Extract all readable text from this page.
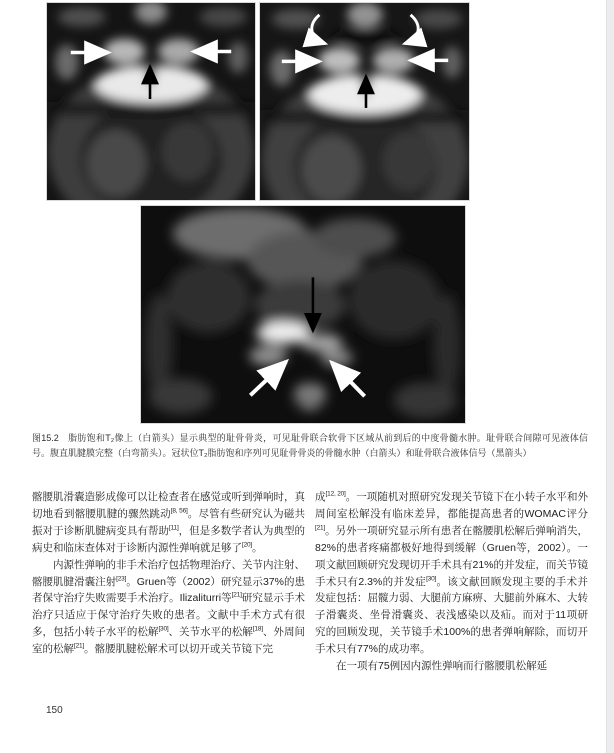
图15.2 脂肪饱和T₂像上（白箭头）显示典型的耻骨骨炎，可见耻骨联合软骨下区域从前到后的中度骨髓水肿。耻骨联合间隙可见液体信号。腹直肌腱膜完整（白弯箭头）。冠状位T₂脂肪饱和序列可见耻骨骨炎的骨髓水肿（白箭头）和耻骨联合液体信号（黑箭头）

髂腰肌滑囊造影成像可以让检查者在感觉或听到弹响时，真切地看到髂腰肌腱的骤然跳动[8, 56]。尽管有些研究认为磁共振对于诊断肌腱病变具有帮助[11]，但是多数学者认为典型的病史和临床查体对于诊断内源性弹响就足够了[20]。

内源性弹响的非手术治疗包括物理治疗、关节内注射、髂腰肌腱滑囊注射[23]。Gruen等（2002）研究显示37%的患者保守治疗失败需要手术治疗。Ilizaliturri等[21]研究显示手术治疗只适应于保守治疗失败的患者。文献中手术方式有很多，包括小转子水平的松解[30]、关节水平的松解[18]、外周间室的松解[21]。髂腰肌腱松解术可以切开或关节镜下完

成[12, 20]。一项随机对照研究发现关节镜下在小转子水平和外周间室松解没有临床差异，都能提高患者的WOMAC评分[21]。另外一项研究显示所有患者在髂腰肌松解后弹响消失，82%的患者疼痛都极好地得到缓解（Gruen等，2002）。一项文献回顾研究发现切开手术具有21%的并发症，而关节镜手术只有2.3%的并发症[30]。该文献回顾发现主要的手术并发症包括：屈髋力弱、大腿前方麻痹、大腿前外麻木、大转子滑囊炎、坐骨滑囊炎、表浅感染以及疝。而对于11项研究的回顾发现，关节镜手术100%的患者弹响解除，而切开手术只有77%的成功率。

在一项有75例因内源性弹响而行髂腰肌松解延

150
